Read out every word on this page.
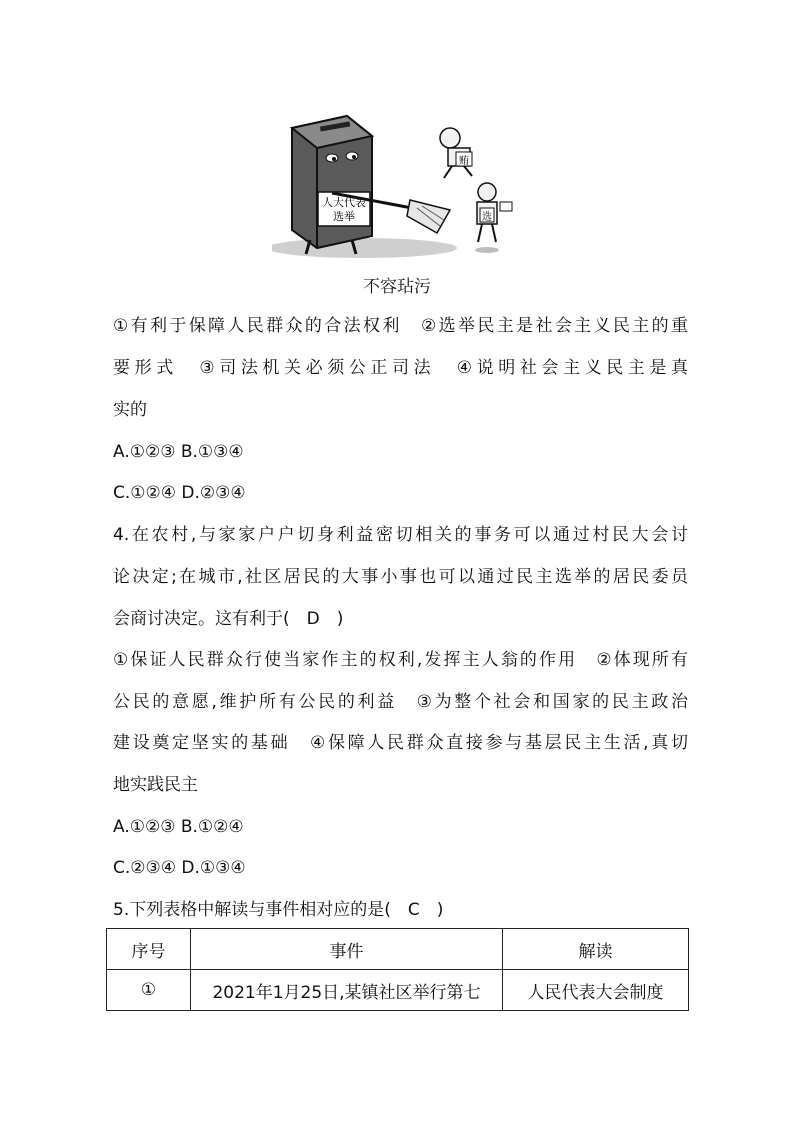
人大代表
选举
贿
选
不容玷污
①有利于保障人民群众的合法权利　②选举民主是社会主义民主的重
要形式　③司法机关必须公正司法　④说明社会主义民主是真
实的
A.①②③ B.①③④
C.①②④ D.②③④
4.在农村,与家家户户切身利益密切相关的事务可以通过村民大会讨
论决定;在城市,社区居民的大事小事也可以通过民主选举的居民委员
会商讨决定。这有利于(　D　)
①保证人民群众行使当家作主的权利,发挥主人翁的作用　②体现所有
公民的意愿,维护所有公民的利益　③为整个社会和国家的民主政治
建设奠定坚实的基础　④保障人民群众直接参与基层民主生活,真切
地实践民主
A.①②③ B.①②④
C.②③④ D.①③④
5.下列表格中解读与事件相对应的是(　C　)
序号	事件	解读
①	2021年1月25日,某镇社区举行第七	人民代表大会制度
